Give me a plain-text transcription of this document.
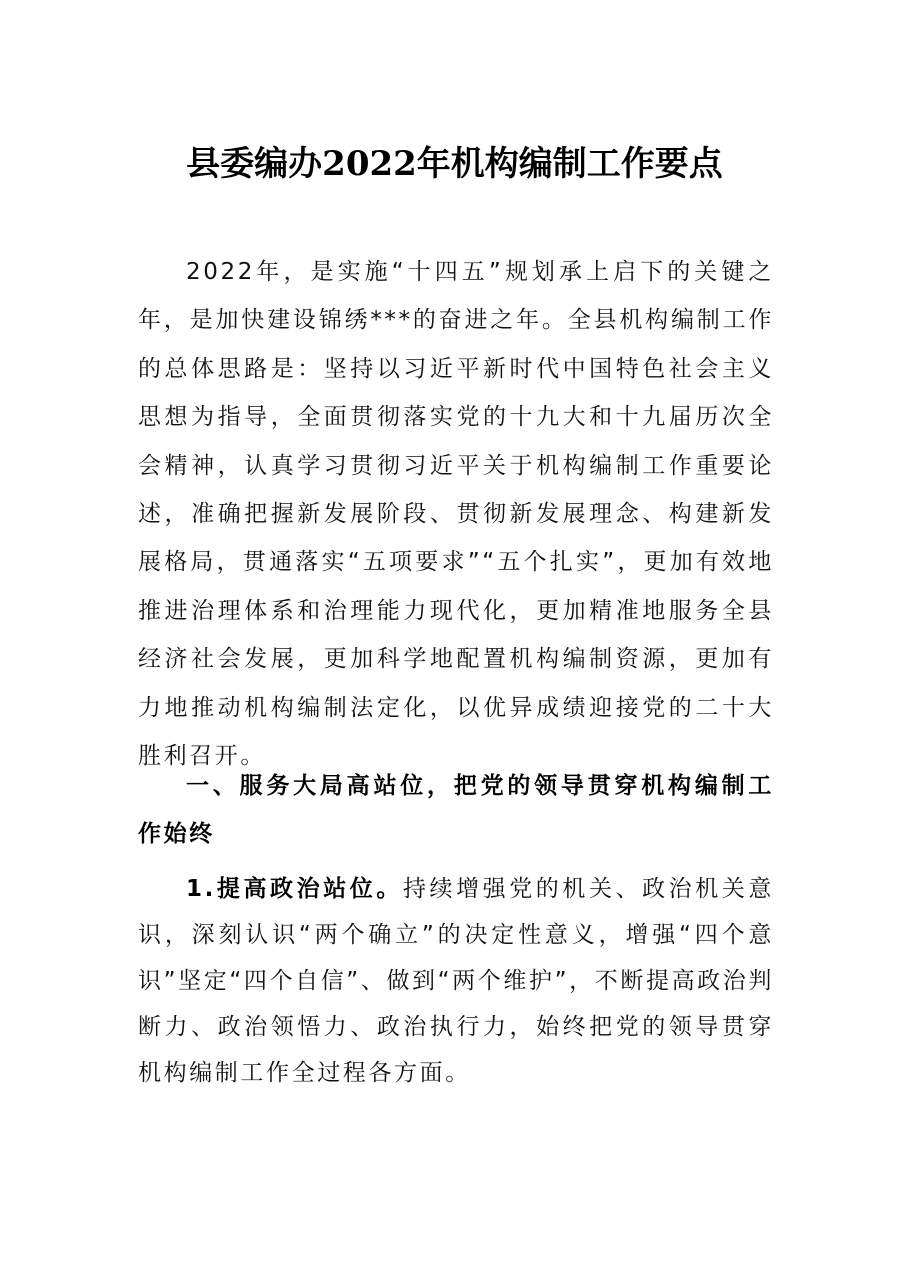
县委编办2022年机构编制工作要点
2022年，是实施“十四五”规划承上启下的关键之年，是加快建设锦绣***的奋进之年。全县机构编制工作的总体思路是：坚持以习近平新时代中国特色社会主义思想为指导，全面贯彻落实党的十九大和十九届历次全会精神，认真学习贯彻习近平关于机构编制工作重要论述，准确把握新发展阶段、贯彻新发展理念、构建新发展格局，贯通落实“五项要求”“五个扎实”，更加有效地推进治理体系和治理能力现代化，更加精准地服务全县经济社会发展，更加科学地配置机构编制资源，更加有力地推动机构编制法定化，以优异成绩迎接党的二十大胜利召开。
一、服务大局高站位，把党的领导贯穿机构编制工作始终
1.提高政治站位。持续增强党的机关、政治机关意识，深刻认识“两个确立”的决定性意义，增强“四个意识”坚定“四个自信”、做到“两个维护”，不断提高政治判断力、政治领悟力、政治执行力，始终把党的领导贯穿机构编制工作全过程各方面。
